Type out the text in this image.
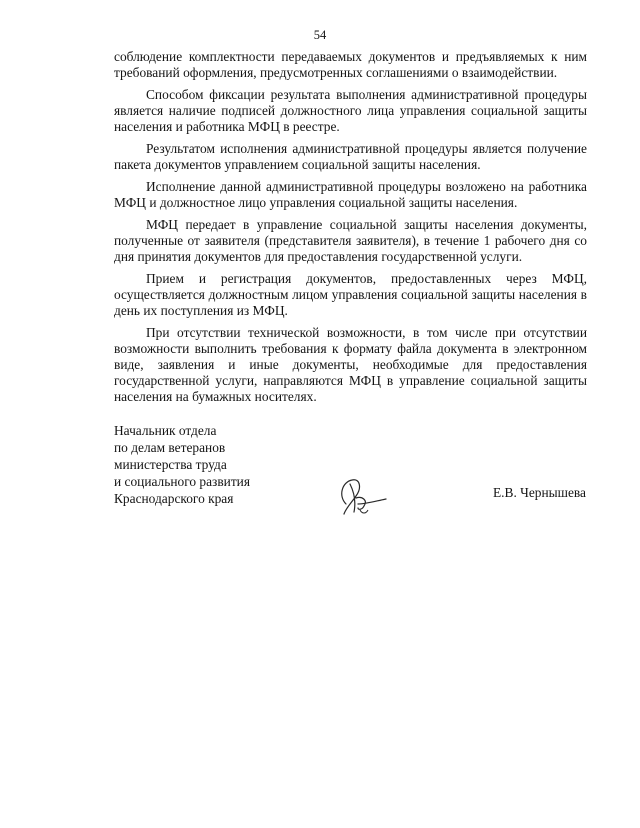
54

соблюдение комплектности передаваемых документов и предъявляемых к ним требований оформления, предусмотренных соглашениями о взаимодействии.

Способом фиксации результата выполнения административной процедуры является наличие подписей должностного лица управления социальной защиты населения и работника МФЦ в реестре.

Результатом исполнения административной процедуры является получение пакета документов управлением социальной защиты населения.

Исполнение данной административной процедуры возложено на работника МФЦ и должностное лицо управления социальной защиты населения.

МФЦ передает в управление социальной защиты населения документы, полученные от заявителя (представителя заявителя), в течение 1 рабочего дня со дня принятия документов для предоставления государственной услуги.

Прием и регистрация документов, предоставленных через МФЦ, осуществляется должностным лицом управления социальной защиты населения в день их поступления из МФЦ.

При отсутствии технической возможности, в том числе при отсутствии возможности выполнить требования к формату файла документа в электронном виде, заявления и иные документы, необходимые для предоставления государственной услуги, направляются МФЦ в управление социальной защиты населения на бумажных носителях.

Начальник отдела
по делам ветеранов
министерства труда
и социального развития
Краснодарского края	Е.В. Чернышева
